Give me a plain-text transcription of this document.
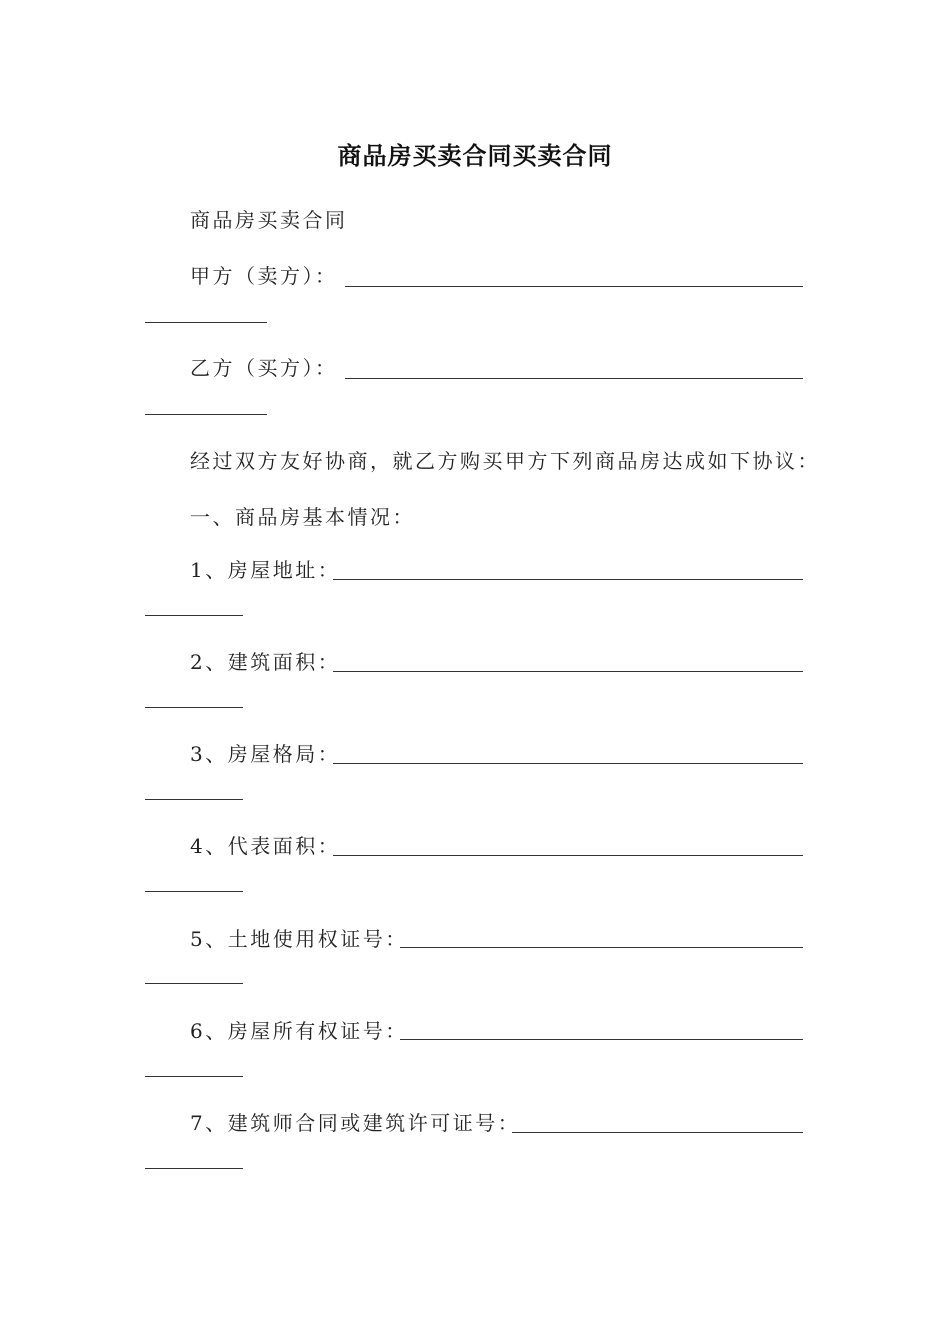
商品房买卖合同买卖合同
商品房买卖合同
甲方（卖方）：
乙方（买方）：
经过双方友好协商，就乙方购买甲方下列商品房达成如下协议：
一、商品房基本情况：
1、房屋地址：
2、建筑面积：
3、房屋格局：
4、代表面积：
5、土地使用权证号：
6、房屋所有权证号：
7、建筑师合同或建筑许可证号：
